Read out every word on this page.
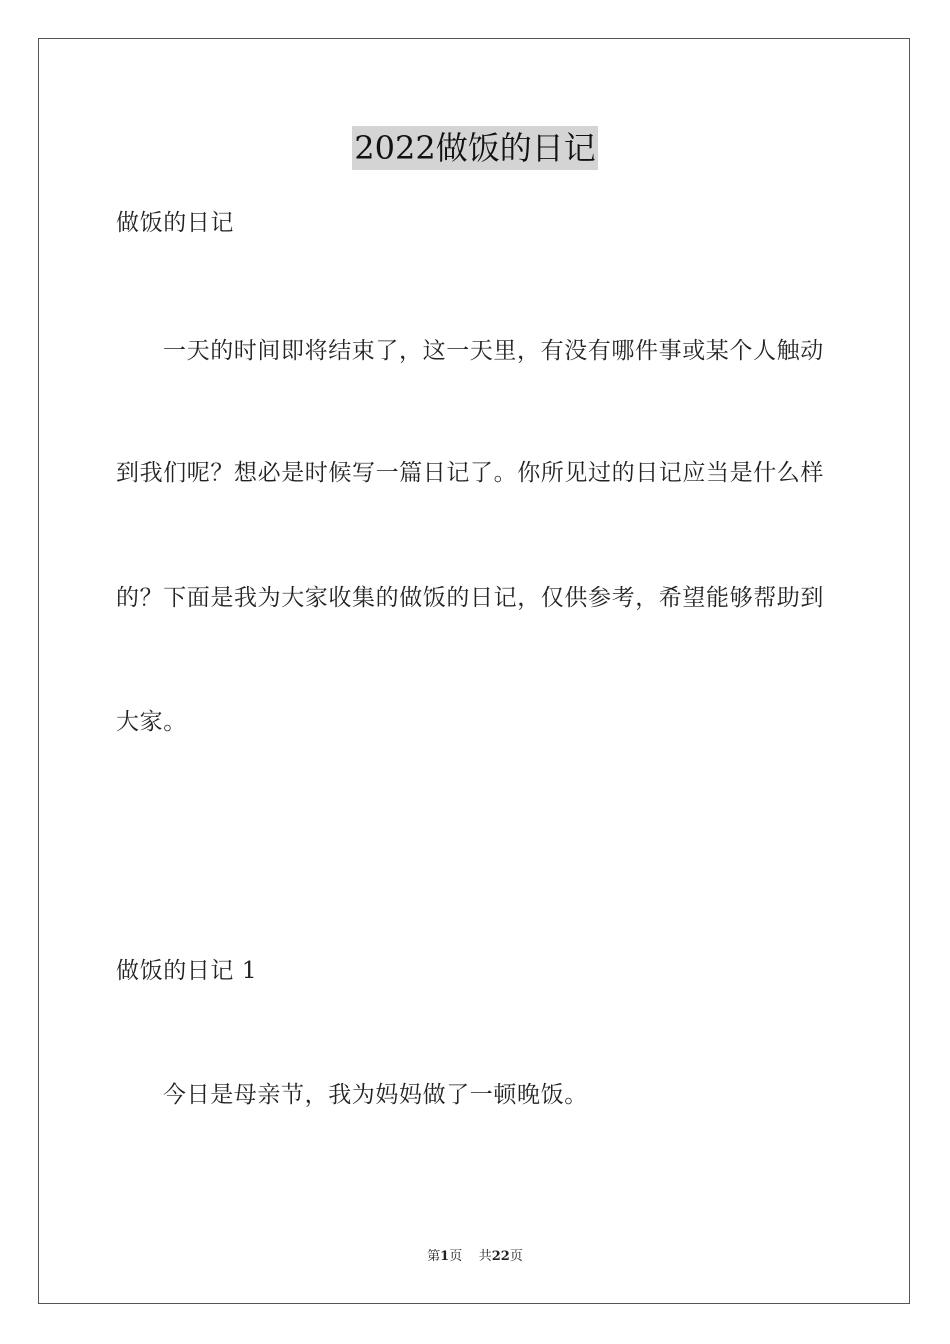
2022做饭的日记
做饭的日记
一天的时间即将结束了，这一天里，有没有哪件事或某个人触动
到我们呢？想必是时候写一篇日记了。你所见过的日记应当是什么样
的？下面是我为大家收集的做饭的日记，仅供参考，希望能够帮助到
大家。
做饭的日记 1
今日是母亲节，我为妈妈做了一顿晚饭。
第1页 共22页
